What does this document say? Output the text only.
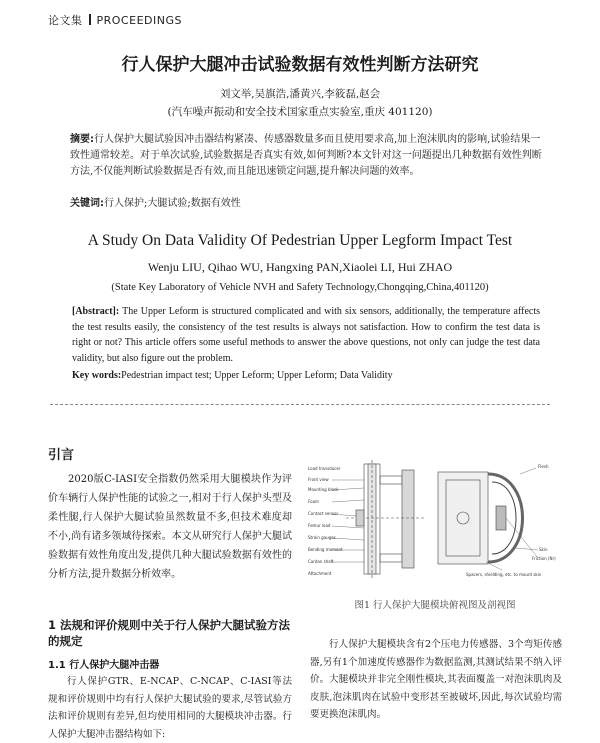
论文集 PROCEEDINGS
行人保护大腿冲击试验数据有效性判断方法研究
刘文举,吴旗浩,潘黄兴,李筱磊,赵会
(汽车噪声振动和安全技术国家重点实验室,重庆 401120)
摘要:行人保护大腿试验因冲击器结构紧凑、传感器数量多而且使用要求高,加上泡沫肌肉的影响,试验结果一致性通常较差。对于单次试验,试验数据是否真实有效,如何判断?本文针对这一问题提出几种数据有效性判断方法,不仅能判断试验数据是否有效,而且能迅速锁定问题,提升解决问题的效率。
关键词:行人保护;大腿试验;数据有效性
A Study On Data Validity Of Pedestrian Upper Legform Impact Test
Wenju LIU, Qihao WU, Hangxing PAN,Xiaolei LI, Hui ZHAO
(State Key Laboratory of Vehicle NVH and Safety Technology,Chongqing,China,401120)
[Abstract]: The Upper Leform is structured complicated and with six sensors, additionally, the temperature affects the test results easily, the consistency of the test results is always not satisfaction. How to confirm the test data is right or not? This article offers some useful methods to answer the above questions, not only can judge the test data validity, but also figure out the problem.
Key words:Pedestrian impact test; Upper Leform; Upper Leform; Data Validity
引言
2020版C-IASI安全指数仍然采用大腿模块作为评价车辆行人保护性能的试验之一,相对于行人保护头型及柔性腿,行人保护大腿试验虽然数量不多,但技术难度却不小,尚有诸多领域待探索。本文从研究行人保护大腿试验数据有效性角度出发,提供几种大腿试验数据有效性的分析方法,提升数据分析效率。
1 法规和评价规则中关于行人保护大腿试验方法的规定
1.1 行人保护大腿冲击器
行人保护GTR、E-NCAP、C-NCAP、C-IASI等法规和评价规则中均有行人保护大腿试验的要求,尽管试验方法和评价规则有差异,但均使用相同的大腿模块冲击器。行人保护大腿冲击器结构如下:
Load transducer
Front view
Mounting block
Foam
Contact sensor
Femur load
Strain gauges
Bending moment
Cardan shaft
Attachment
Flesh
Skin
Friction (Nr)
Spacers, shielding, etc. to mount skin
图1 行人保护大腿模块俯视图及剖视图
行人保护大腿模块含有2个压电力传感器、3个弯矩传感器,另有1个加速度传感器作为数据监测,其测试结果不纳入评价。大腿模块并非完全刚性模块,其表面覆盖一对泡沫肌肉及皮肤,泡沫肌肉在试验中变形甚至被破坏,因此,每次试验均需要更换泡沫肌肉。
